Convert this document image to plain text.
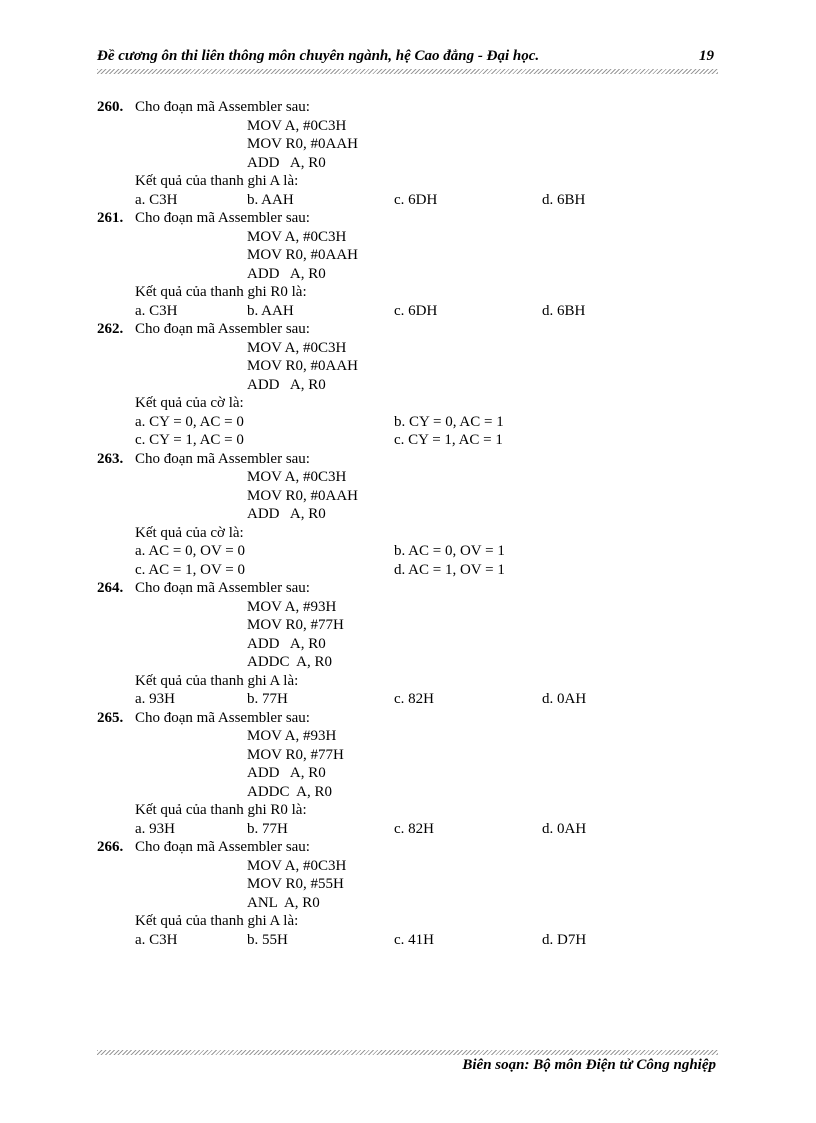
Đề cương ôn thi liên thông môn chuyên ngành, hệ Cao đẳng - Đại học.	19
260. Cho đoạn mã Assembler sau:
MOV A, #0C3H
MOV R0, #0AAH
ADD   A, R0
Kết quả của thanh ghi A là:
a. C3H	b. AAH	c. 6DH	d. 6BH
261. Cho đoạn mã Assembler sau:
MOV A, #0C3H
MOV R0, #0AAH
ADD   A, R0
Kết quả của thanh ghi R0 là:
a. C3H	b. AAH	c. 6DH	d. 6BH
262. Cho đoạn mã Assembler sau:
MOV A, #0C3H
MOV R0, #0AAH
ADD   A, R0
Kết quả của cờ là:
a. CY = 0, AC = 0	b. CY = 0, AC = 1
c. CY = 1, AC = 0	c. CY = 1, AC = 1
263. Cho đoạn mã Assembler sau:
MOV A, #0C3H
MOV R0, #0AAH
ADD   A, R0
Kết quả của cờ là:
a. AC = 0, OV = 0	b. AC = 0, OV = 1
c. AC = 1, OV = 0	d. AC = 1, OV = 1
264. Cho đoạn mã Assembler sau:
MOV A, #93H
MOV R0, #77H
ADD   A, R0
ADDC  A, R0
Kết quả của thanh ghi A là:
a. 93H	b. 77H	c. 82H	d. 0AH
265. Cho đoạn mã Assembler sau:
MOV A, #93H
MOV R0, #77H
ADD   A, R0
ADDC  A, R0
Kết quả của thanh ghi R0 là:
a. 93H	b. 77H	c. 82H	d. 0AH
266. Cho đoạn mã Assembler sau:
MOV A, #0C3H
MOV R0, #55H
ANL  A, R0
Kết quả của thanh ghi A là:
a. C3H	b. 55H	c. 41H	d. D7H
Biên soạn: Bộ môn Điện tử Công nghiệp
